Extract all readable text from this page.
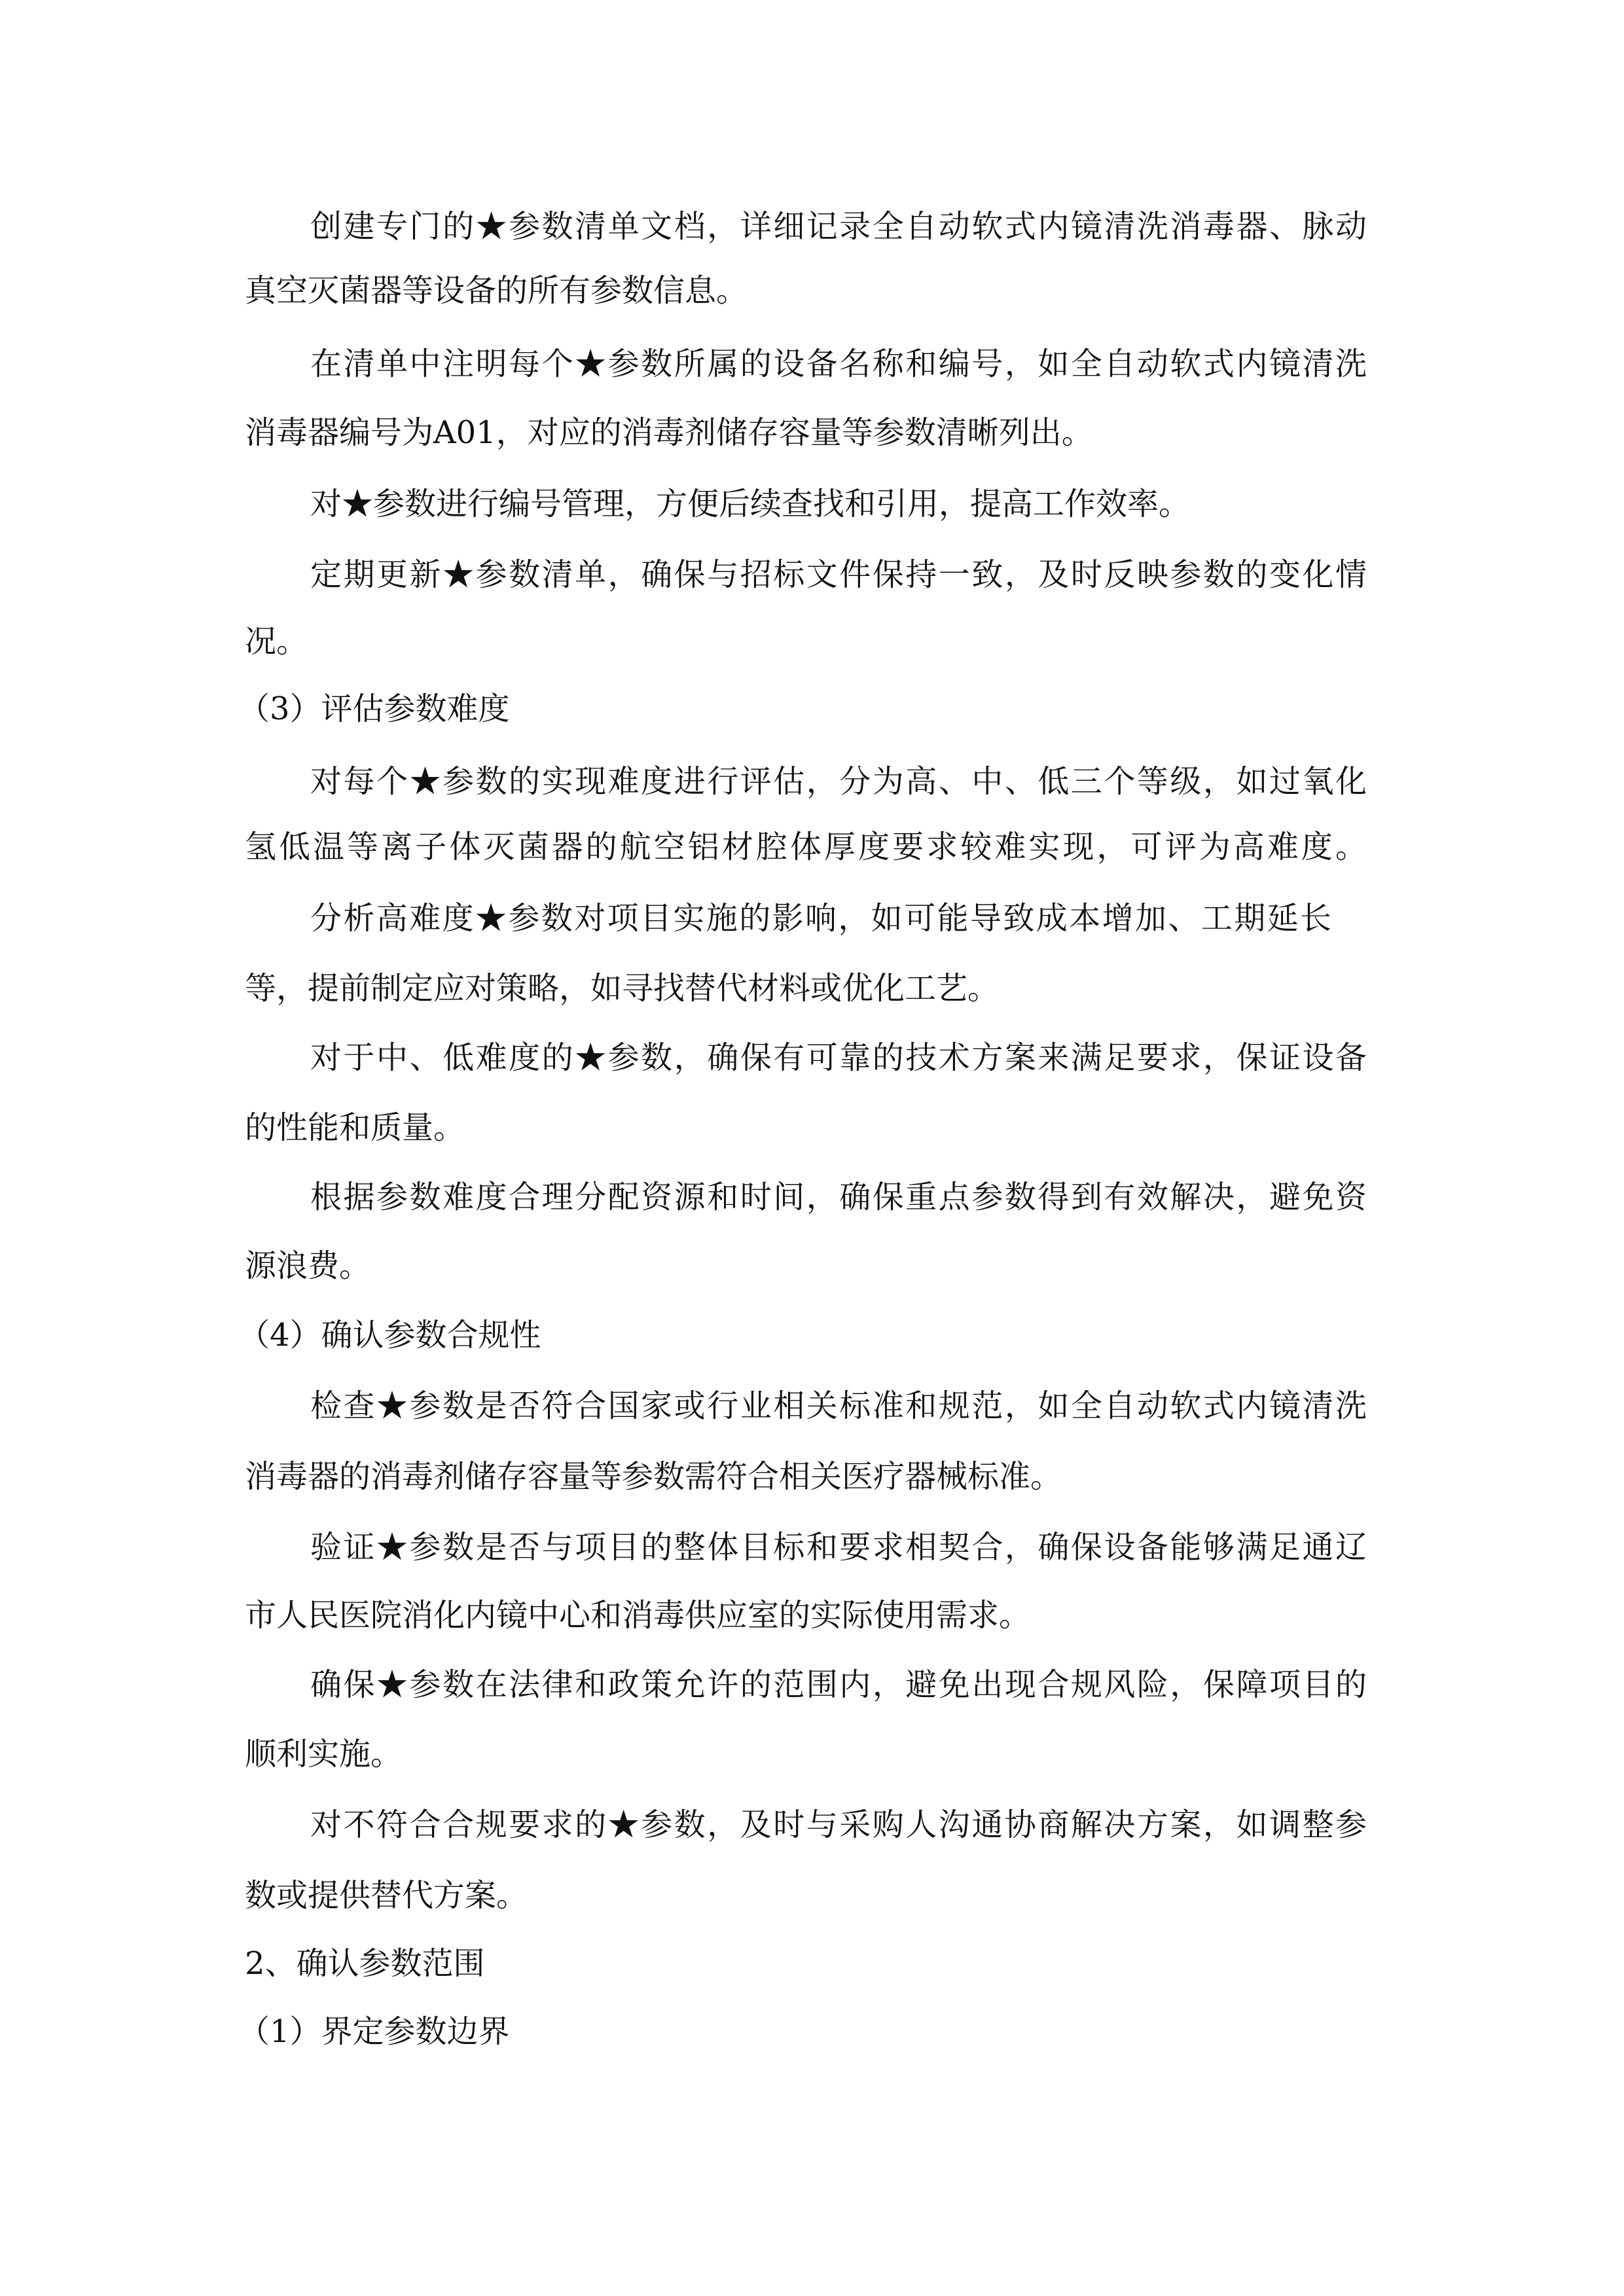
创建专门的★参数清单文档，详细记录全自动软式内镜清洗消毒器、脉动

真空灭菌器等设备的所有参数信息。

在清单中注明每个★参数所属的设备名称和编号，如全自动软式内镜清洗

消毒器编号为A01，对应的消毒剂储存容量等参数清晰列出。

对★参数进行编号管理，方便后续查找和引用，提高工作效率。

定期更新★参数清单，确保与招标文件保持一致，及时反映参数的变化情

况。

（3）评估参数难度

对每个★参数的实现难度进行评估，分为高、中、低三个等级，如过氧化

氢低温等离子体灭菌器的航空铝材腔体厚度要求较难实现，可评为高难度。

分析高难度★参数对项目实施的影响，如可能导致成本增加、工期延长

等，提前制定应对策略，如寻找替代材料或优化工艺。

对于中、低难度的★参数，确保有可靠的技术方案来满足要求，保证设备

的性能和质量。

根据参数难度合理分配资源和时间，确保重点参数得到有效解决，避免资

源浪费。

（4）确认参数合规性

检查★参数是否符合国家或行业相关标准和规范，如全自动软式内镜清洗

消毒器的消毒剂储存容量等参数需符合相关医疗器械标准。

验证★参数是否与项目的整体目标和要求相契合，确保设备能够满足通辽

市人民医院消化内镜中心和消毒供应室的实际使用需求。

确保★参数在法律和政策允许的范围内，避免出现合规风险，保障项目的

顺利实施。

对不符合合规要求的★参数，及时与采购人沟通协商解决方案，如调整参

数或提供替代方案。

2、确认参数范围
（1）界定参数边界
